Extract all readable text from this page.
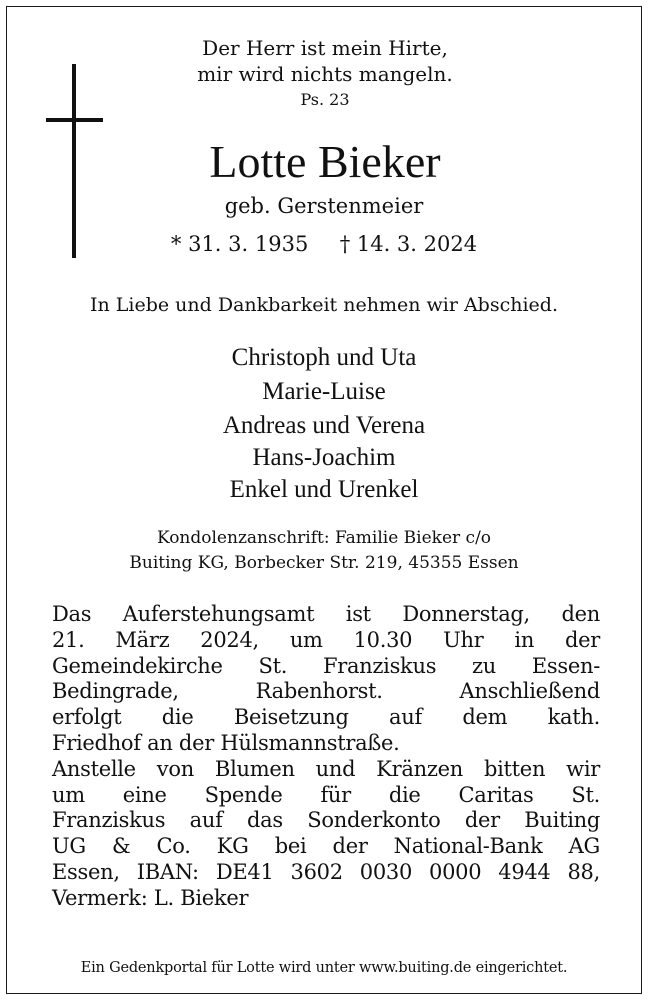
Der Herr ist mein Hirte,
mir wird nichts mangeln.
Ps. 23
Lotte Bieker
geb. Gerstenmeier
* 31. 3. 1935 † 14. 3. 2024
In Liebe und Dankbarkeit nehmen wir Abschied.
Christoph und Uta
Marie-Luise
Andreas und Verena
Hans-Joachim
Enkel und Urenkel
Kondolenzanschrift: Familie Bieker c/o
Buiting KG, Borbecker Str. 219, 45355 Essen
Das Auferstehungsamt ist Donnerstag, den
21. März 2024, um 10.30 Uhr in der
Gemeindekirche St. Franziskus zu Essen-
Bedingrade, Rabenhorst. Anschließend
erfolgt die Beisetzung auf dem kath.
Friedhof an der Hülsmannstraße.
Anstelle von Blumen und Kränzen bitten wir
um eine Spende für die Caritas St.
Franziskus auf das Sonderkonto der Buiting
UG & Co. KG bei der National-Bank AG
Essen, IBAN: DE41 3602 0030 0000 4944 88,
Vermerk: L. Bieker
Ein Gedenkportal für Lotte wird unter www.buiting.de eingerichtet.
